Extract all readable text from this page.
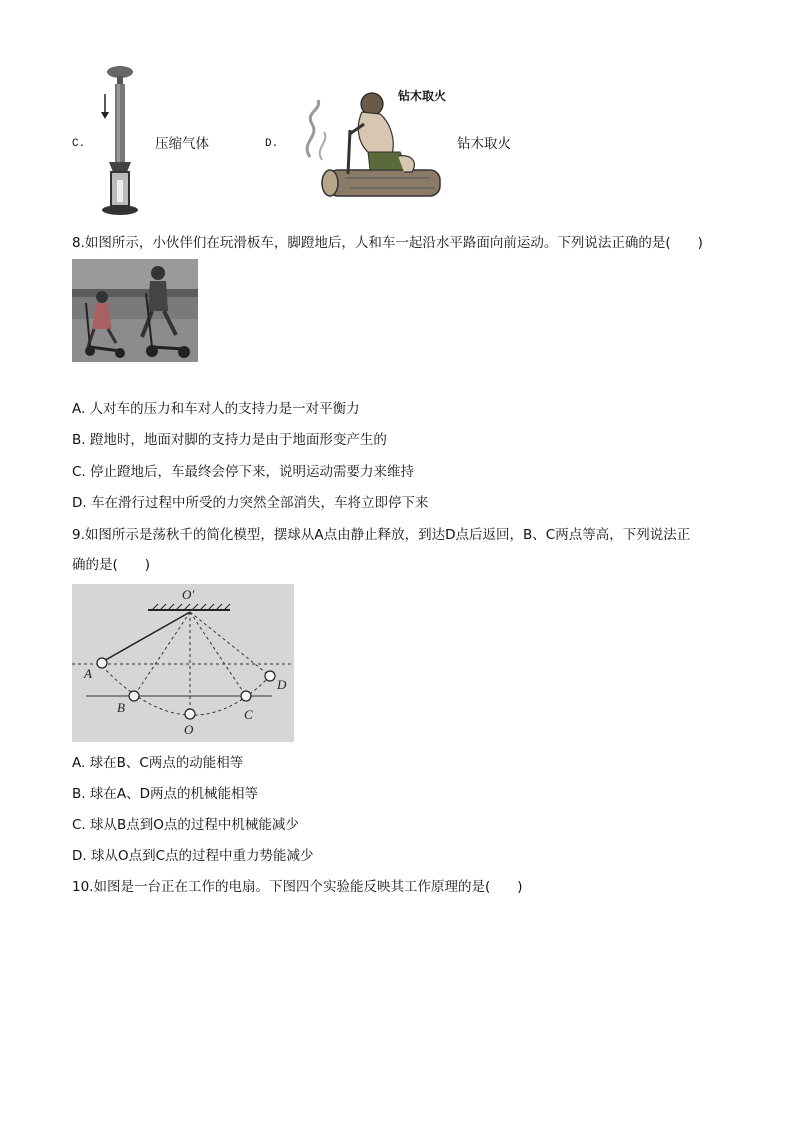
C.	压缩气体	D.
钻木取火
钻木取火
8.如图所示，小伙伴们在玩滑板车，脚蹬地后，人和车一起沿水平路面向前运动。下列说法正确的是(　　)
A. 人对车的压力和车对人的支持力是一对平衡力
B. 蹬地时，地面对脚的支持力是由于地面形变产生的
C. 停止蹬地后，车最终会停下来，说明运动需要力来维持
D. 车在滑行过程中所受的力突然全部消失，车将立即停下来
9.如图所示是荡秋千的简化模型，摆球从A点由静止释放，到达D点后返回，B、C两点等高，下列说法正
确的是(　　)
O′
A
B
O
C
D
A. 球在B、C两点的动能相等
B. 球在A、D两点的机械能相等
C. 球从B点到O点的过程中机械能减少
D. 球从O点到C点的过程中重力势能减少
10.如图是一台正在工作的电扇。下图四个实验能反映其工作原理的是(　　)
